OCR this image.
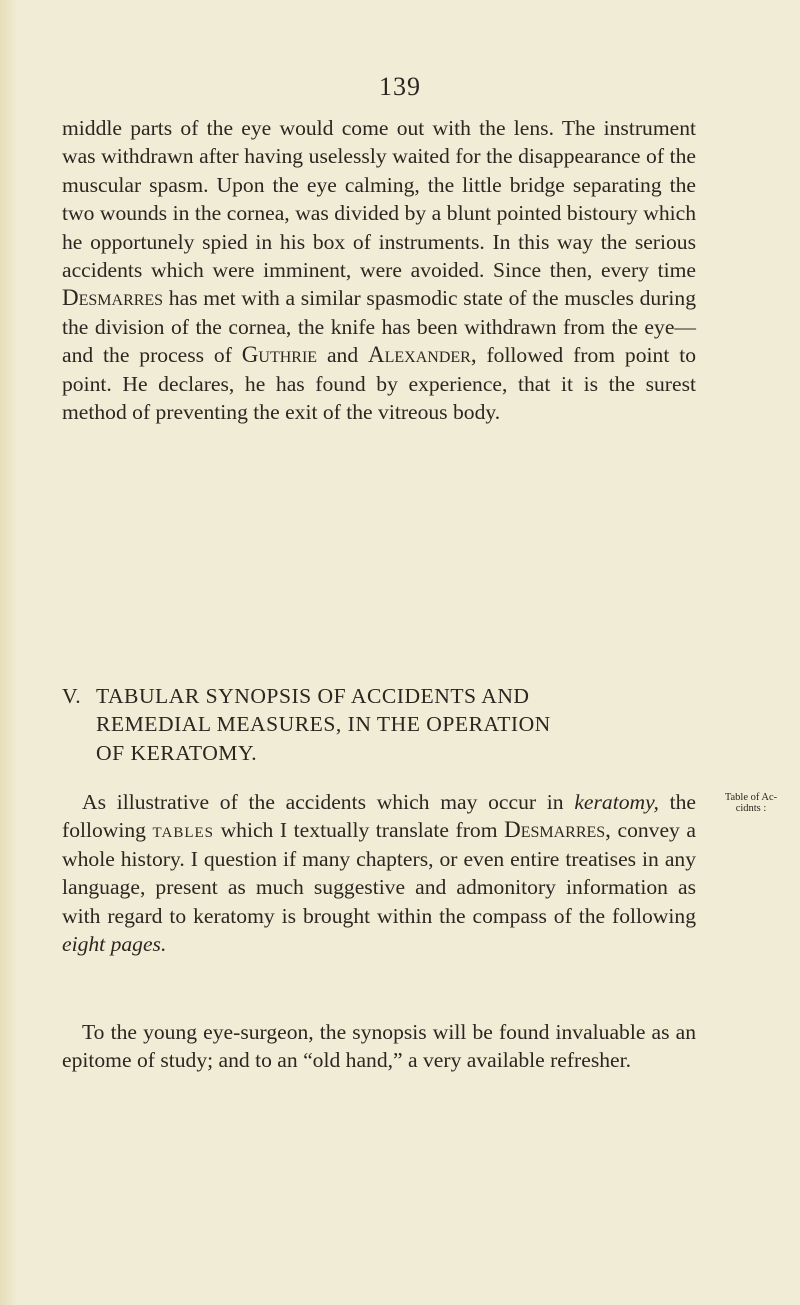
139

middle parts of the eye would come out with the lens. The instrument was withdrawn after having uselessly waited for the disappearance of the muscular spasm. Upon the eye calming, the little bridge separating the two wounds in the cornea, was divided by a blunt pointed bistoury which he opportunely spied in his box of instruments. In this way the serious accidents which were imminent, were avoided. Since then, every time Desmarres has met with a similar spasmodic state of the muscles during the division of the cornea, the knife has been withdrawn from the eye—and the process of Guthrie and Alexander, followed from point to point. He declares, he has found by experience, that it is the surest method of preventing the exit of the vitreous body.

V. TABULAR SYNOPSIS OF ACCIDENTS AND
REMEDIAL MEASURES, IN THE OPERATION
OF KERATOMY.
Table of Ac-
cidnts :

As illustrative of the accidents which may occur in keratomy, the following tables which I textually translate from Desmarres, convey a whole history. I question if many chapters, or even entire treatises in any language, present as much suggestive and admonitory information as with regard to keratomy is brought within the compass of the following eight pages.

To the young eye-surgeon, the synopsis will be found invaluable as an epitome of study; and to an “old hand,” a very available refresher.
